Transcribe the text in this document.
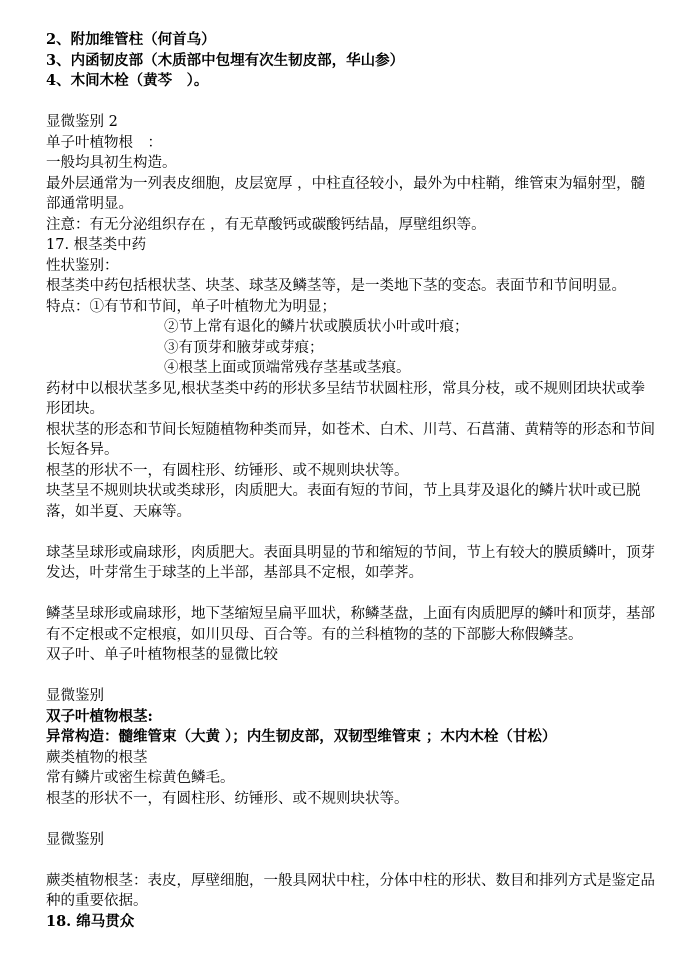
2、附加维管柱（何首乌）
3、内函韧皮部（木质部中包埋有次生韧皮部，华山参）
4、木间木栓（黄芩　）。
显微鉴别 2
单子叶植物根　：
一般均具初生构造。
最外层通常为一列表皮细胞，皮层宽厚 ，中柱直径较小，最外为中柱鞘，维管束为辐射型，髓部通常明显。
注意：有无分泌组织存在 ，有无草酸钙或碳酸钙结晶，厚壁组织等。
17. 根茎类中药
性状鉴别：
根茎类中药包括根状茎、块茎、球茎及鳞茎等，是一类地下茎的变态。表面节和节间明显。
特点：①有节和节间，单子叶植物尤为明显；
②节上常有退化的鳞片状或膜质状小叶或叶痕；
③有顶芽和腋芽或芽痕；
④根茎上面或顶端常残存茎基或茎痕。
药材中以根状茎多见,根状茎类中药的形状多呈结节状圆柱形，常具分枝，或不规则团块状或拳形团块。
根状茎的形态和节间长短随植物种类而异，如苍术、白术、川芎、石菖蒲、黄精等的形态和节间长短各异。
根茎的形状不一，有圆柱形、纺锤形、或不规则块状等。
块茎呈不规则块状或类球形，肉质肥大。表面有短的节间，节上具芽及退化的鳞片状叶或已脱落，如半夏、天麻等。
球茎呈球形或扁球形，肉质肥大。表面具明显的节和缩短的节间，节上有较大的膜质鳞叶，顶芽发达，叶芽常生于球茎的上半部，基部具不定根，如荸荠。
鳞茎呈球形或扁球形，地下茎缩短呈扁平皿状，称鳞茎盘，上面有肉质肥厚的鳞叶和顶芽，基部有不定根或不定根痕，如川贝母、百合等。有的兰科植物的茎的下部膨大称假鳞茎。
双子叶、单子叶植物根茎的显微比较
显微鉴别
双子叶植物根茎:
异常构造：髓维管束（大黄 ）；内生韧皮部，双韧型维管束 ；木内木栓（甘松）
蕨类植物的根茎
常有鳞片或密生棕黄色鳞毛。
根茎的形状不一，有圆柱形、纺锤形、或不规则块状等。
显微鉴别
蕨类植物根茎：表皮，厚壁细胞，一般具网状中柱，分体中柱的形状、数目和排列方式是鉴定品种的重要依据。
18. 绵马贯众
